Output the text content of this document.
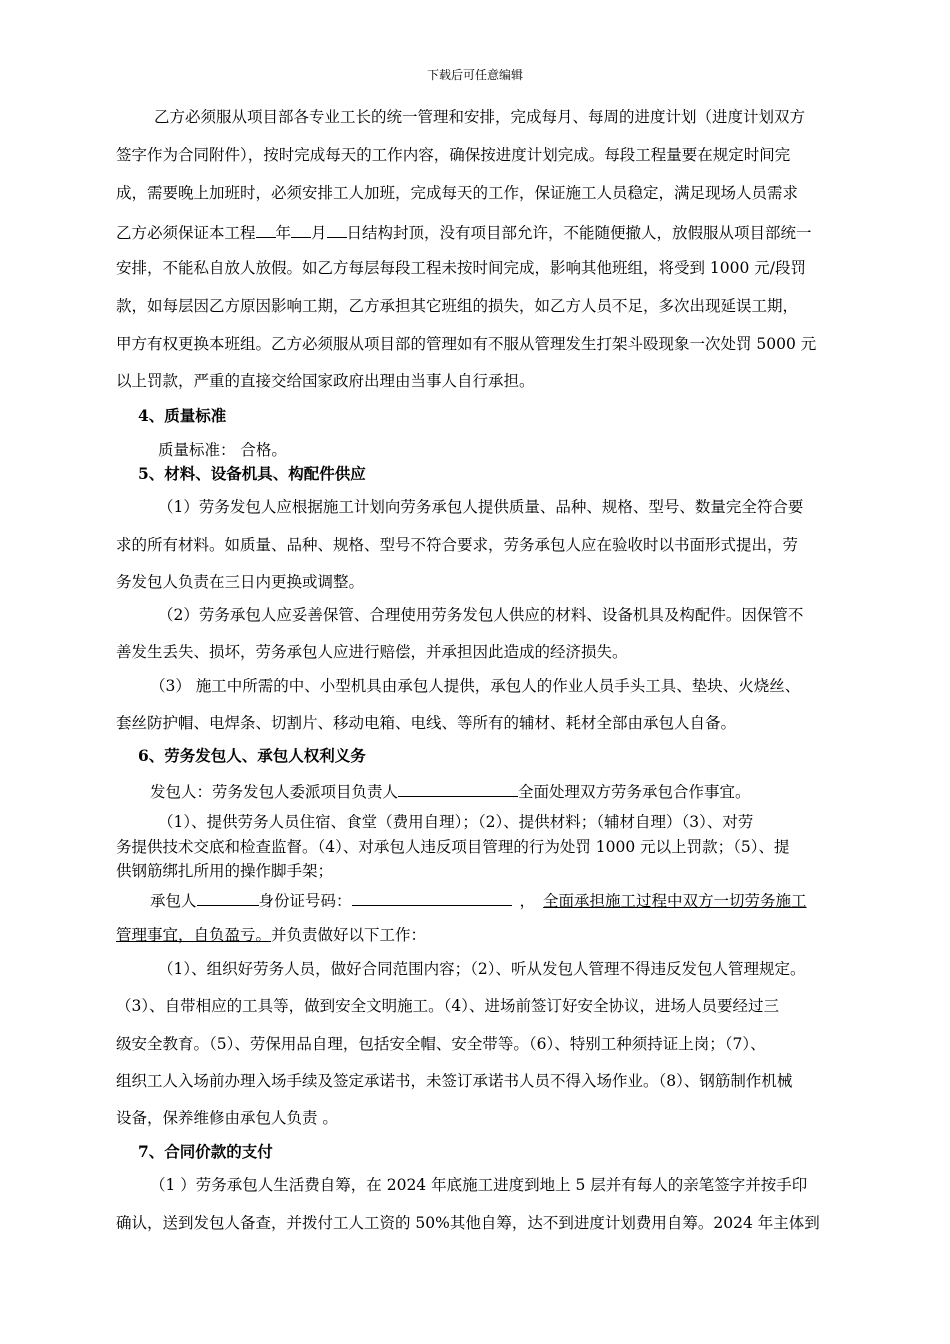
下载后可任意编辑
乙方必须服从项目部各专业工长的统一管理和安排，完成每月、每周的进度计划（进度计划双方
签字作为合同附件），按时完成每天的工作内容，确保按进度计划完成。每段工程量要在规定时间完
成，需要晚上加班时，必须安排工人加班，完成每天的工作，保证施工人员稳定，满足现场人员需求
乙方必须保证本工程 年 月 日结构封顶，没有项目部允许，不能随便撤人，放假服从项目部统一
安排，不能私自放人放假。如乙方每层每段工程未按时间完成，影响其他班组，将受到 1000 元/段罚
款，如每层因乙方原因影响工期，乙方承担其它班组的损失，如乙方人员不足，多次出现延误工期，
甲方有权更换本班组。乙方必须服从项目部的管理如有不服从管理发生打架斗殴现象一次处罚 5000 元
以上罚款，严重的直接交给国家政府出理由当事人自行承担。
4、质量标准
质量标准： 合格。
5、材料、设备机具、构配件供应
（1）劳务发包人应根据施工计划向劳务承包人提供质量、品种、规格、型号、数量完全符合要
求的所有材料。如质量、品种、规格、型号不符合要求，劳务承包人应在验收时以书面形式提出，劳
务发包人负责在三日内更换或调整。
（2）劳务承包人应妥善保管、合理使用劳务发包人供应的材料、设备机具及构配件。因保管不
善发生丢失、损坏，劳务承包人应进行赔偿，并承担因此造成的经济损失。
（3） 施工中所需的中、小型机具由承包人提供，承包人的作业人员手头工具、垫块、火烧丝、
套丝防护帽、电焊条、切割片、移动电箱、电线、等所有的辅材、耗材全部由承包人自备。
6、劳务发包人、承包人权利义务
发包人：劳务发包人委派项目负责人	全面处理双方劳务承包合作事宜。
（1）、提供劳务人员住宿、食堂（费用自理）；（2）、提供材料；（辅材自理）（3）、对劳
务提供技术交底和检查监督。（4）、对承包人违反项目管理的行为处罚 1000 元以上罚款；（5）、提
供钢筋绑扎所用的操作脚手架；
承包人	身份证号码：	， 全面承担施工过程中双方一切劳务施工
管理事宜，自负盈亏。并负责做好以下工作：
（1）、组织好劳务人员，做好合同范围内容；（2）、听从发包人管理不得违反发包人管理规定。
（3）、自带相应的工具等，做到安全文明施工。（4）、进场前签订好安全协议，进场人员要经过三
级安全教育。（5）、劳保用品自理，包括安全帽、安全带等。（6）、特别工种须持证上岗；（7）、
组织工人入场前办理入场手续及签定承诺书，未签订承诺书人员不得入场作业。（8）、钢筋制作机械
设备，保养维修由承包人负责 。
7、合同价款的支付
（1 ）劳务承包人生活费自筹，在 2024 年底施工进度到地上 5 层并有每人的亲笔签字并按手印
确认，送到发包人备查，并拨付工人工资的 50%其他自筹，达不到进度计划费用自筹。2024 年主体到
